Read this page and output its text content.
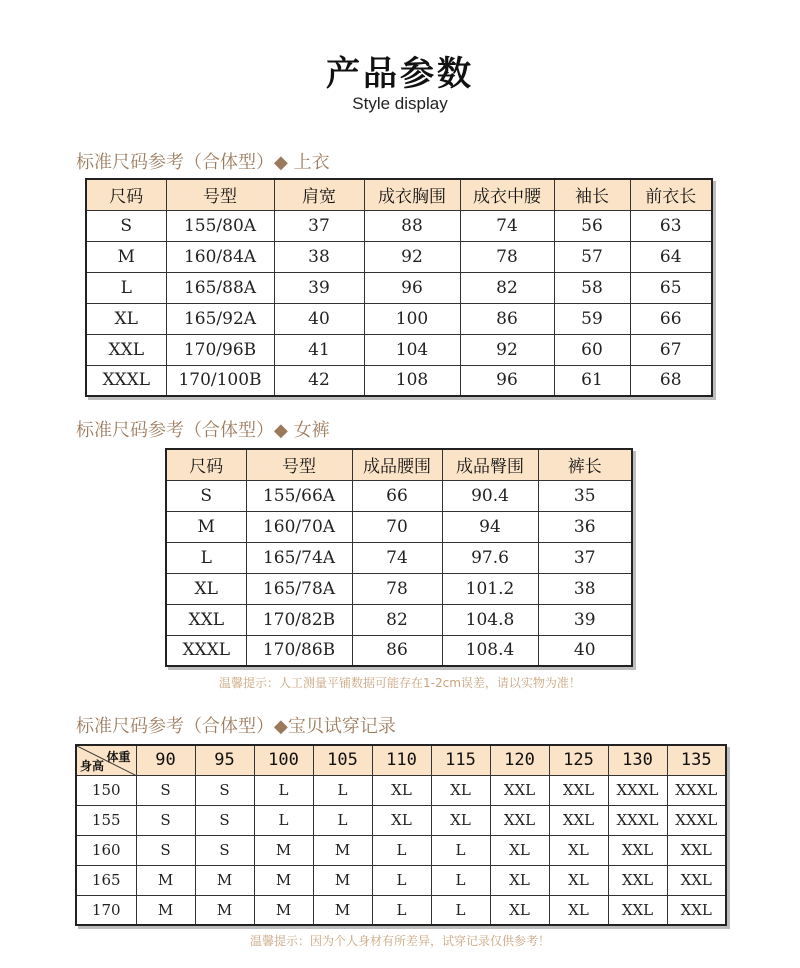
产品参数
Style display
标准尺码参考（合体型）◆ 上衣
尺码	号型	肩宽	成衣胸围	成衣中腰	袖长	前衣长
S	155/80A	37	88	74	56	63
M	160/84A	38	92	78	57	64
L	165/88A	39	96	82	58	65
XL	165/92A	40	100	86	59	66
XXL	170/96B	41	104	92	60	67
XXXL	170/100B	42	108	96	61	68
标准尺码参考（合体型）◆ 女裤
尺码	号型	成品腰围	成品臀围	裤长
S	155/66A	66	90.4	35
M	160/70A	70	94	36
L	165/74A	74	97.6	37
XL	165/78A	78	101.2	38
XXL	170/82B	82	104.8	39
XXXL	170/86B	86	108.4	40
温馨提示：人工测量平铺数据可能存在1-2cm误差，请以实物为准！
标准尺码参考（合体型）◆宝贝试穿记录
体重
身高	90	95	100	105	110	115	120	125	130	135
150	S	S	L	L	XL	XL	XXL	XXL	XXXL	XXXL
155	S	S	L	L	XL	XL	XXL	XXL	XXXL	XXXL
160	S	S	M	M	L	L	XL	XL	XXL	XXL
165	M	M	M	M	L	L	XL	XL	XXL	XXL
170	M	M	M	M	L	L	XL	XL	XXL	XXL
温馨提示：因为个人身材有所差异，试穿记录仅供参考！
